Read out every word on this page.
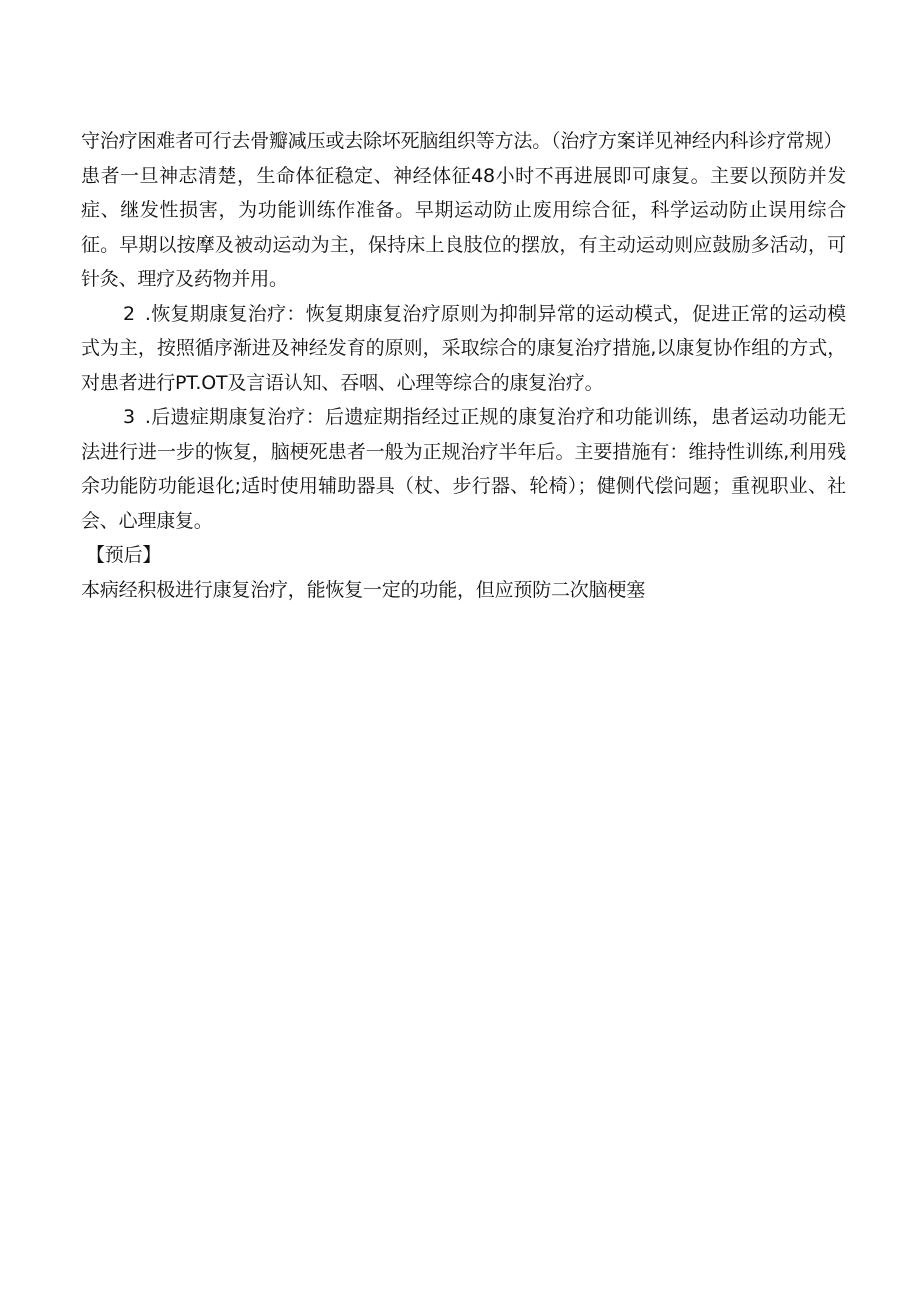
守治疗困难者可行去骨瓣减压或去除坏死脑组织等方法。（治疗方案详见神经内科诊疗常规）

患者一旦神志清楚，生命体征稳定、神经体征48小时不再进展即可康复。主要以预防并发症、继发性损害，为功能训练作准备。早期运动防止废用综合征，科学运动防止误用综合征。早期以按摩及被动运动为主，保持床上良肢位的摆放，有主动运动则应鼓励多活动，可针灸、理疗及药物并用。

2 .恢复期康复治疗：恢复期康复治疗原则为抑制异常的运动模式，促进正常的运动模式为主，按照循序渐进及神经发育的原则，采取综合的康复治疗措施,以康复协作组的方式，对患者进行PT.OT及言语认知、吞咽、心理等综合的康复治疗。

3 .后遗症期康复治疗：后遗症期指经过正规的康复治疗和功能训练，患者运动功能无法进行进一步的恢复，脑梗死患者一般为正规治疗半年后。主要措施有：维持性训练,利用残余功能防功能退化;适时使用辅助器具（杖、步行器、轮椅）；健侧代偿问题；重视职业、社会、心理康复。

【预后】

本病经积极进行康复治疗，能恢复一定的功能，但应预防二次脑梗塞
